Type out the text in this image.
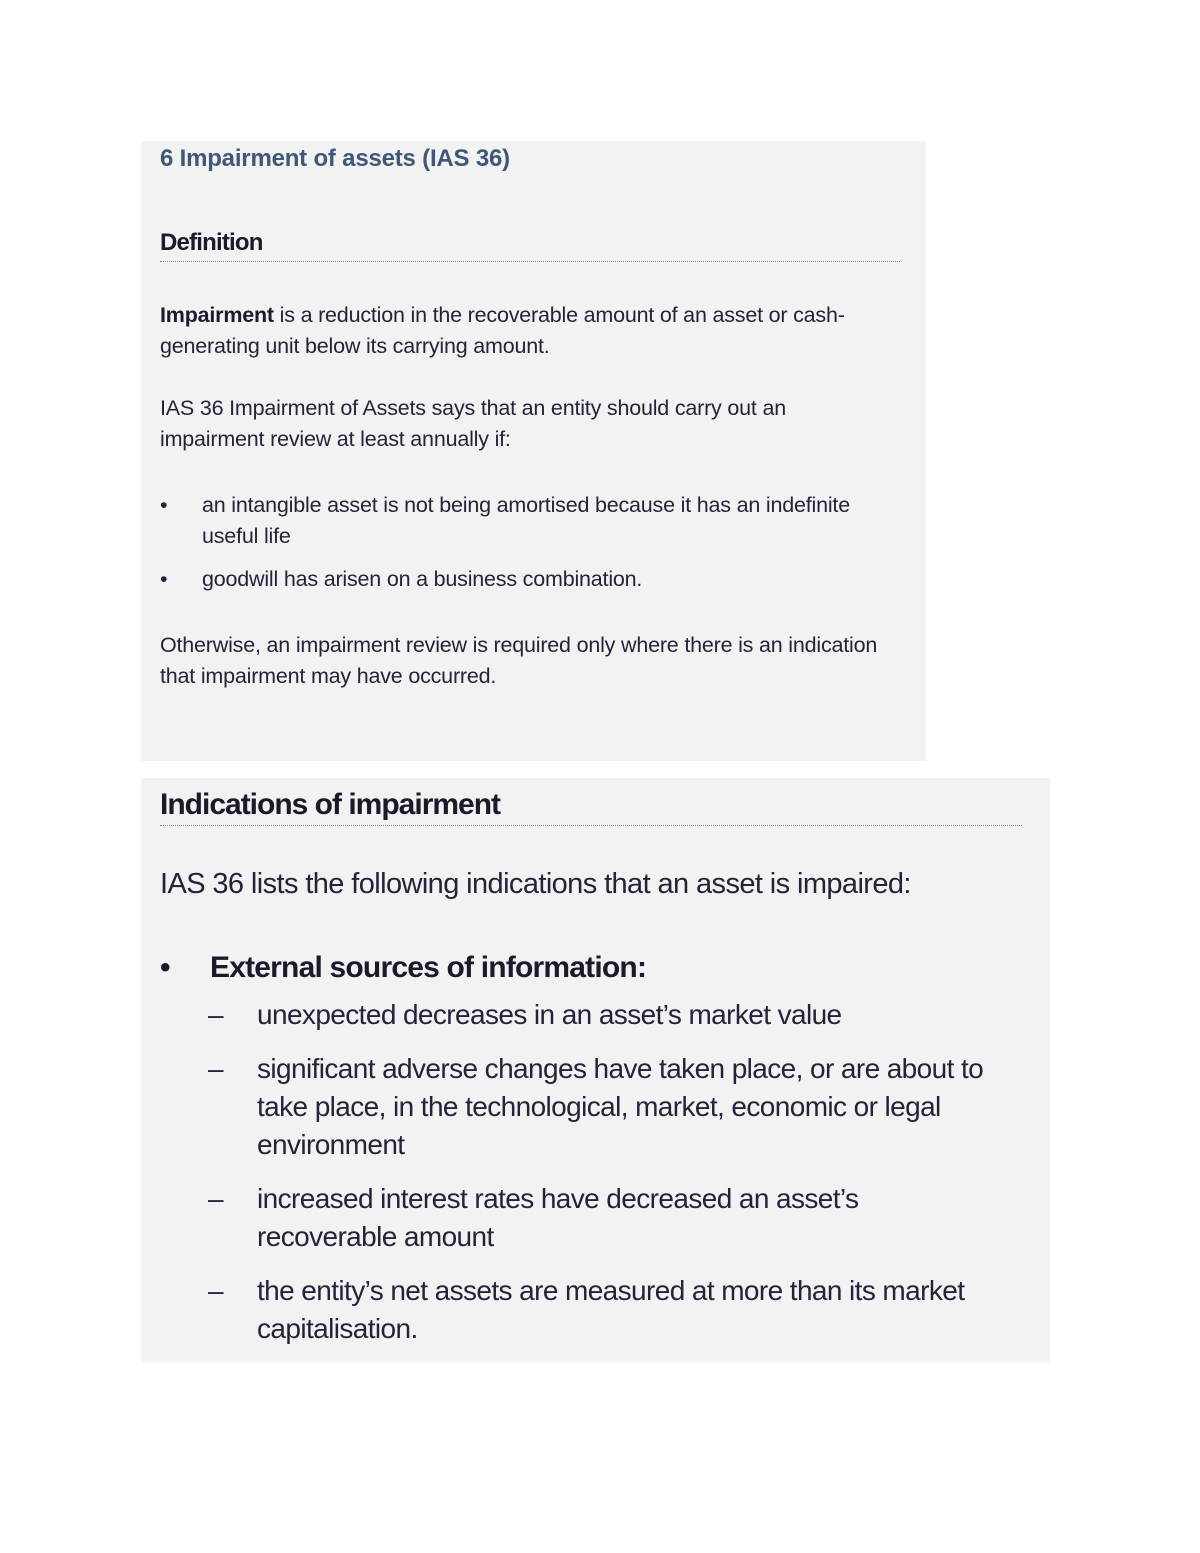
6 Impairment of assets (IAS 36)
Definition

Impairment is a reduction in the recoverable amount of an asset or cash-generating unit below its carrying amount.

IAS 36 Impairment of Assets says that an entity should carry out an impairment review at least annually if:

• an intangible asset is not being amortised because it has an indefinite useful life
• goodwill has arisen on a business combination.

Otherwise, an impairment review is required only where there is an indication that impairment may have occurred.

Indications of impairment

IAS 36 lists the following indications that an asset is impaired:

• External sources of information:
– unexpected decreases in an asset’s market value
– significant adverse changes have taken place, or are about to take place, in the technological, market, economic or legal environment
– increased interest rates have decreased an asset’s recoverable amount
– the entity’s net assets are measured at more than its market capitalisation.
